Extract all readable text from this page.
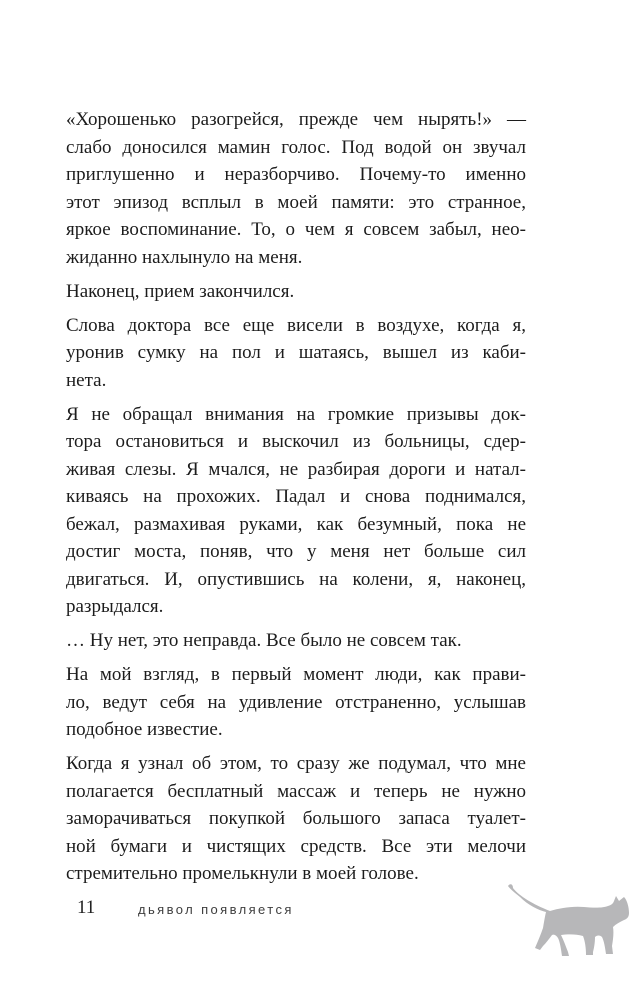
«Хорошенько разогрейся, прежде чем нырять!» —
слабо доносился мамин голос. Под водой он звучал
приглушенно и неразборчиво. Почему-то именно
этот эпизод всплыл в моей памяти: это странное,
яркое воспоминание. То, о чем я совсем забыл, нео-
жиданно нахлынуло на меня.

Наконец, прием закончился.

Слова доктора все еще висели в воздухе, когда я,
уронив сумку на пол и шатаясь, вышел из каби-
нета.

Я не обращал внимания на громкие призывы док-
тора остановиться и выскочил из больницы, сдер-
живая слезы. Я мчался, не разбирая дороги и натал-
киваясь на прохожих. Падал и снова поднимался,
бежал, размахивая руками, как безумный, пока не
достиг моста, поняв, что у меня нет больше сил
двигаться. И, опустившись на колени, я, наконец,
разрыдался.

… Ну нет, это неправда. Все было не совсем так.

На мой взгляд, в первый момент люди, как прави-
ло, ведут себя на удивление отстраненно, услышав
подобное известие.

Когда я узнал об этом, то сразу же подумал, что мне
полагается бесплатный массаж и теперь не нужно
заморачиваться покупкой большого запаса туалет-
ной бумаги и чистящих средств. Все эти мелочи
стремительно промелькнули в моей голове.

11	дьявол появляется
